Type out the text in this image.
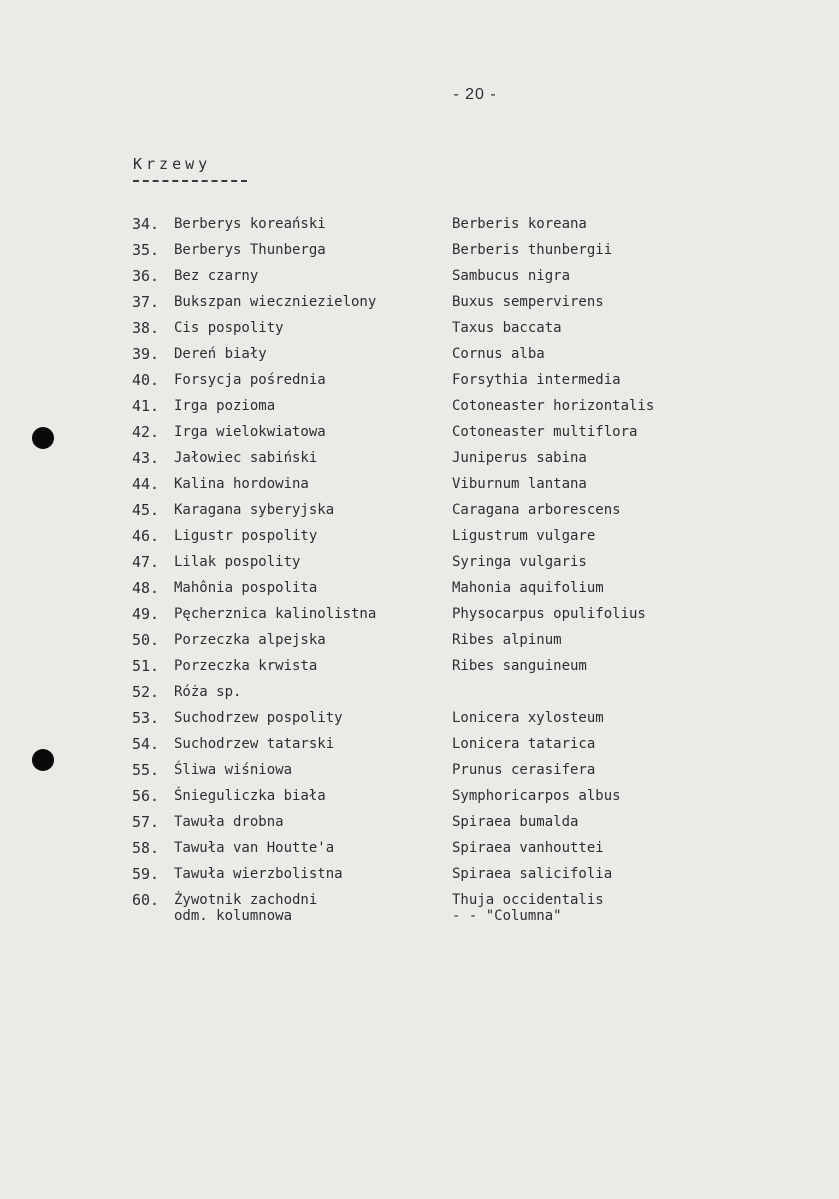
- 20 -
Krzewy
34.	Berberys koreański	Berberis koreana
35.	Berberys Thunberga	Berberis thunbergii
36.	Bez czarny	Sambucus nigra
37.	Bukszpan wieczniezielony	Buxus sempervirens
38.	Cis pospolity	Taxus baccata
39.	Dereń biały	Cornus alba
40.	Forsycja pośrednia	Forsythia intermedia
41.	Irga pozioma	Cotoneaster horizontalis
42.	Irga wielokwiatowa	Cotoneaster multiflora
43.	Jałowiec sabiński	Juniperus sabina
44.	Kalina hordowina	Viburnum lantana
45.	Karagana syberyjska	Caragana arborescens
46.	Ligustr pospolity	Ligustrum vulgare
47.	Lilak pospolity	Syringa vulgaris
48.	Mahônia pospolita	Mahonia aquifolium
49.	Pęcherznica kalinolistna	Physocarpus opulifolius
50.	Porzeczka alpejska	Ribes alpinum
51.	Porzeczka krwista	Ribes sanguineum
52.	Róża sp.
53.	Suchodrzew pospolity	Lonicera xylosteum
54.	Suchodrzew tatarski	Lonicera tatarica
55.	Śliwa wiśniowa	Prunus cerasifera
56.	Śnieguliczka biała	Symphoricarpos albus
57.	Tawuła drobna	Spiraea bumalda
58.	Tawuła van Houtte'a	Spiraea vanhouttei
59.	Tawuła wierzbolistna	Spiraea salicifolia
60.	Żywotnik zachodni	Thuja occidentalis
odm. kolumnowa	- - "Columna"
